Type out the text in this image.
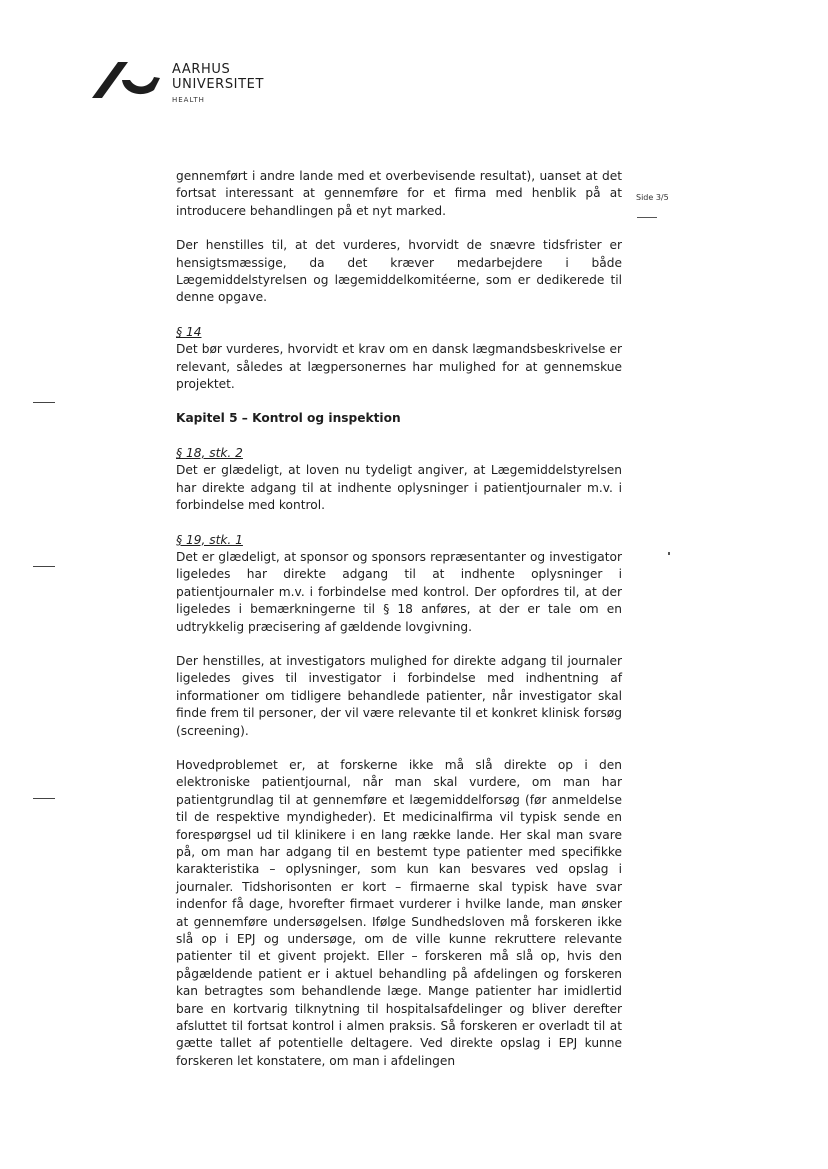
AARHUS
UNIVERSITET
HEALTH
Side 3/5

gennemført i andre lande med et overbevisende resultat), uanset at det fortsat interessant at gennemføre for et firma med henblik på at introducere behandlingen på et nyt marked.

Der henstilles til, at det vurderes, hvorvidt de snævre tidsfrister er hensigtsmæssige, da det kræver medarbejdere i både Lægemiddelstyrelsen og lægemiddelkomitéerne, som er dedikerede til denne opgave.

§ 14
Det bør vurderes, hvorvidt et krav om en dansk lægmandsbeskrivelse er relevant, således at lægpersonernes har mulighed for at gennemskue projektet.

Kapitel 5 – Kontrol og inspektion

§ 18, stk. 2
Det er glædeligt, at loven nu tydeligt angiver, at Lægemiddelstyrelsen har direkte adgang til at indhente oplysninger i patientjournaler m.v. i forbindelse med kontrol.

§ 19, stk. 1
Det er glædeligt, at sponsor og sponsors repræsentanter og investigator ligeledes har direkte adgang til at indhente oplysninger i patientjournaler m.v. i forbindelse med kontrol. Der opfordres til, at der ligeledes i bemærkningerne til § 18 anføres, at der er tale om en udtrykkelig præcisering af gældende lovgivning.

Der henstilles, at investigators mulighed for direkte adgang til journaler ligeledes gives til investigator i forbindelse med indhentning af informationer om tidligere behandlede patienter, når investigator skal finde frem til personer, der vil være relevante til et konkret klinisk forsøg (screening).

Hovedproblemet er, at forskerne ikke må slå direkte op i den elektroniske patientjournal, når man skal vurdere, om man har patientgrundlag til at gennemføre et lægemiddelforsøg (før anmeldelse til de respektive myndigheder). Et medicinalfirma vil typisk sende en forespørgsel ud til klinikere i en lang række lande. Her skal man svare på, om man har adgang til en bestemt type patienter med specifikke karakteristika – oplysninger, som kun kan besvares ved opslag i journaler. Tidshorisonten er kort – firmaerne skal typisk have svar indenfor få dage, hvorefter firmaet vurderer i hvilke lande, man ønsker at gennemføre undersøgelsen. Ifølge Sundhedsloven må forskeren ikke slå op i EPJ og undersøge, om de ville kunne rekruttere relevante patienter til et givent projekt. Eller – forskeren må slå op, hvis den pågældende patient er i aktuel behandling på afdelingen og forskeren kan betragtes som behandlende læge. Mange patienter har imidlertid bare en kortvarig tilknytning til hospitalsafdelinger og bliver derefter afsluttet til fortsat kontrol i almen praksis. Så forskeren er overladt til at gætte tallet af potentielle deltagere. Ved direkte opslag i EPJ kunne forskeren let konstatere, om man i afdelingen
